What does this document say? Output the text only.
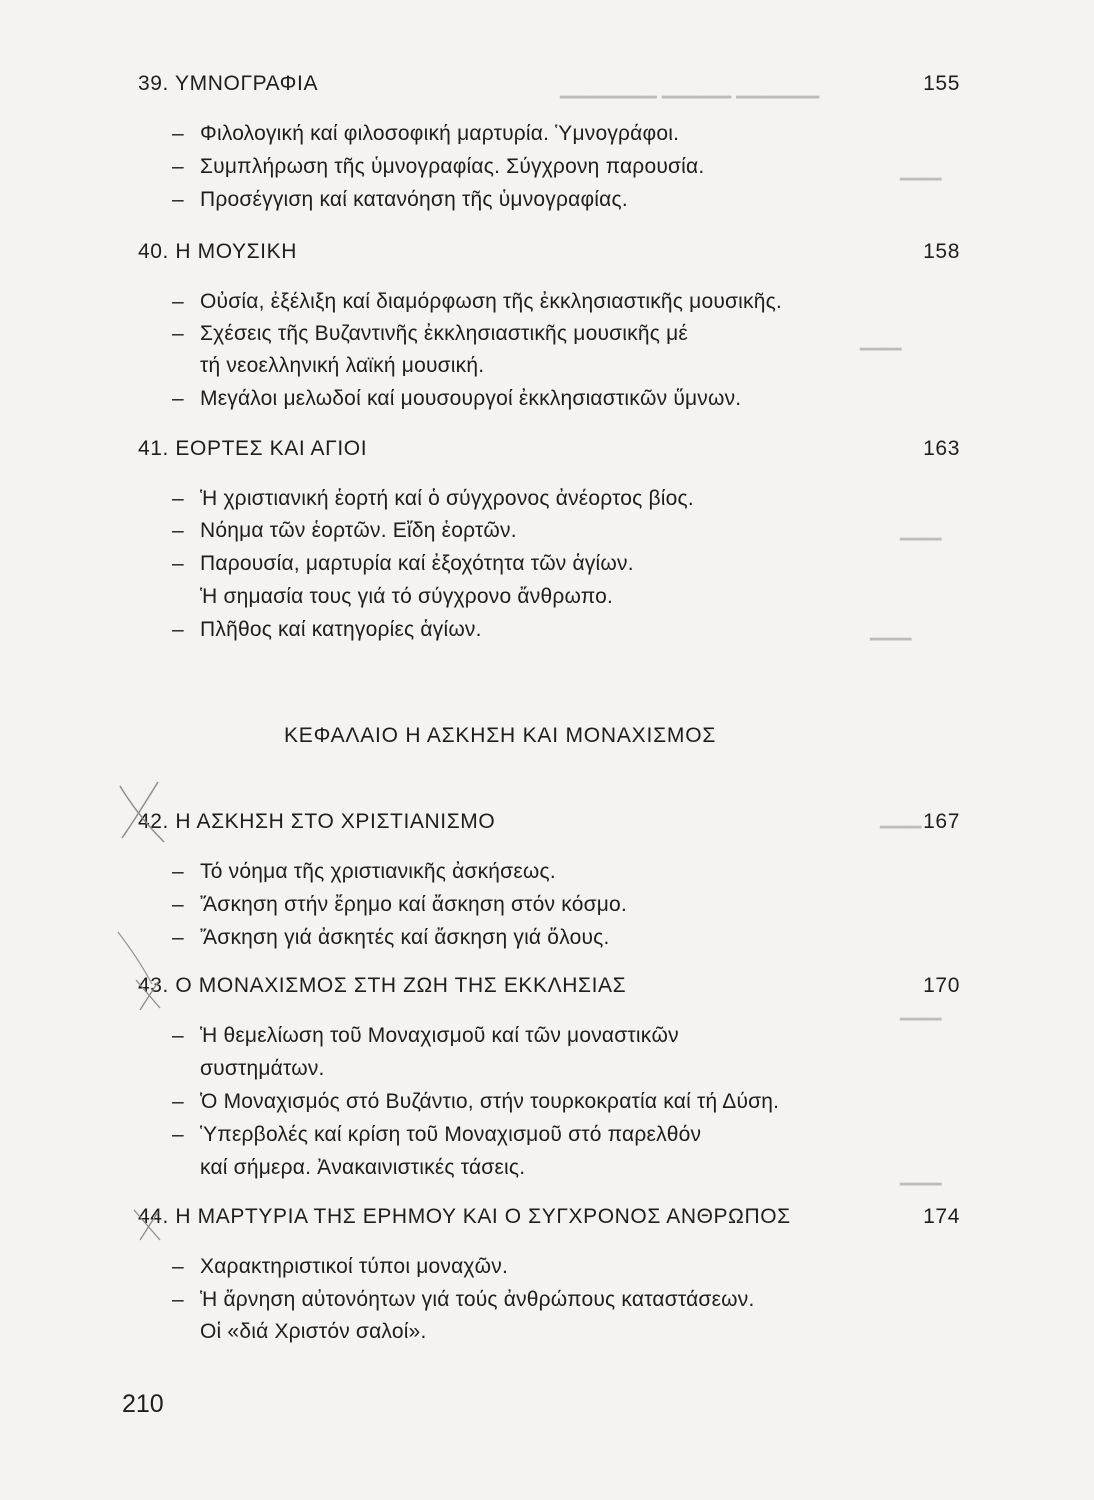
▁▁▁▁▁▁▁ ▁▁▁▁▁ ▁▁▁▁▁▁
▁▁▁
▁▁▁
▁▁▁
▁▁▁
▁▁▁
▁▁▁
▁▁▁
39. ΥΜΝΟΓΡΑΦΙΑ	155
– Φιλολογική καί φιλοσοφική μαρτυρία. Ὑμνογράφοι.
– Συμπλήρωση τῆς ὑμνογραφίας. Σύγχρονη παρουσία.
– Προσέγγιση καί κατανόηση τῆς ὑμνογραφίας.
40. Η ΜΟΥΣΙΚΗ	158
– Οὐσία, ἐξέλιξη καί διαμόρφωση τῆς ἐκκλησιαστικῆς μουσικῆς.
– Σχέσεις τῆς Βυζαντινῆς ἐκκλησιαστικῆς μουσικῆς μέ
τή νεοελληνική λαϊκή μουσική.
– Μεγάλοι μελωδοί καί μουσουργοί ἐκκλησιαστικῶν ὕμνων.
41. ΕΟΡΤΕΣ ΚΑΙ ΑΓΙΟΙ	163
– Ἡ χριστιανική ἑορτή καί ὁ σύγχρονος ἀνέορτος βίος.
– Νόημα τῶν ἑορτῶν. Εἴδη ἑορτῶν.
– Παρουσία, μαρτυρία καί ἐξοχότητα τῶν ἁγίων.
Ἡ σημασία τους γιά τό σύγχρονο ἄνθρωπο.
– Πλῆθος καί κατηγορίες ἁγίων.
ΚΕΦΑΛΑΙΟ Η ΑΣΚΗΣΗ ΚΑΙ ΜΟΝΑΧΙΣΜΟΣ
42. Η ΑΣΚΗΣΗ ΣΤΟ ΧΡΙΣΤΙΑΝΙΣΜΟ	167
– Τό νόημα τῆς χριστιανικῆς ἀσκήσεως.
– Ἄσκηση στήν ἔρημο καί ἄσκηση στόν κόσμο.
– Ἄσκηση γιά ἀσκητές καί ἄσκηση γιά ὅλους.
43. Ο ΜΟΝΑΧΙΣΜΟΣ ΣΤΗ ΖΩΗ ΤΗΣ ΕΚΚΛΗΣΙΑΣ	170
– Ἡ θεμελίωση τοῦ Μοναχισμοῦ καί τῶν μοναστικῶν
συστημάτων.
– Ὁ Μοναχισμός στό Βυζάντιο, στήν τουρκοκρατία καί τή Δύση.
– Ὑπερβολές καί κρίση τοῦ Μοναχισμοῦ στό παρελθόν
καί σήμερα. Ἀνακαινιστικές τάσεις.
44. Η ΜΑΡΤΥΡΙΑ ΤΗΣ ΕΡΗΜΟΥ ΚΑΙ Ο ΣΥΓΧΡΟΝΟΣ ΑΝΘΡΩΠΟΣ	174
– Χαρακτηριστικοί τύποι μοναχῶν.
– Ἡ ἄρνηση αὐτονόητων γιά τούς ἀνθρώπους καταστάσεων.
Οἱ «διά Χριστόν σαλοί».
210
